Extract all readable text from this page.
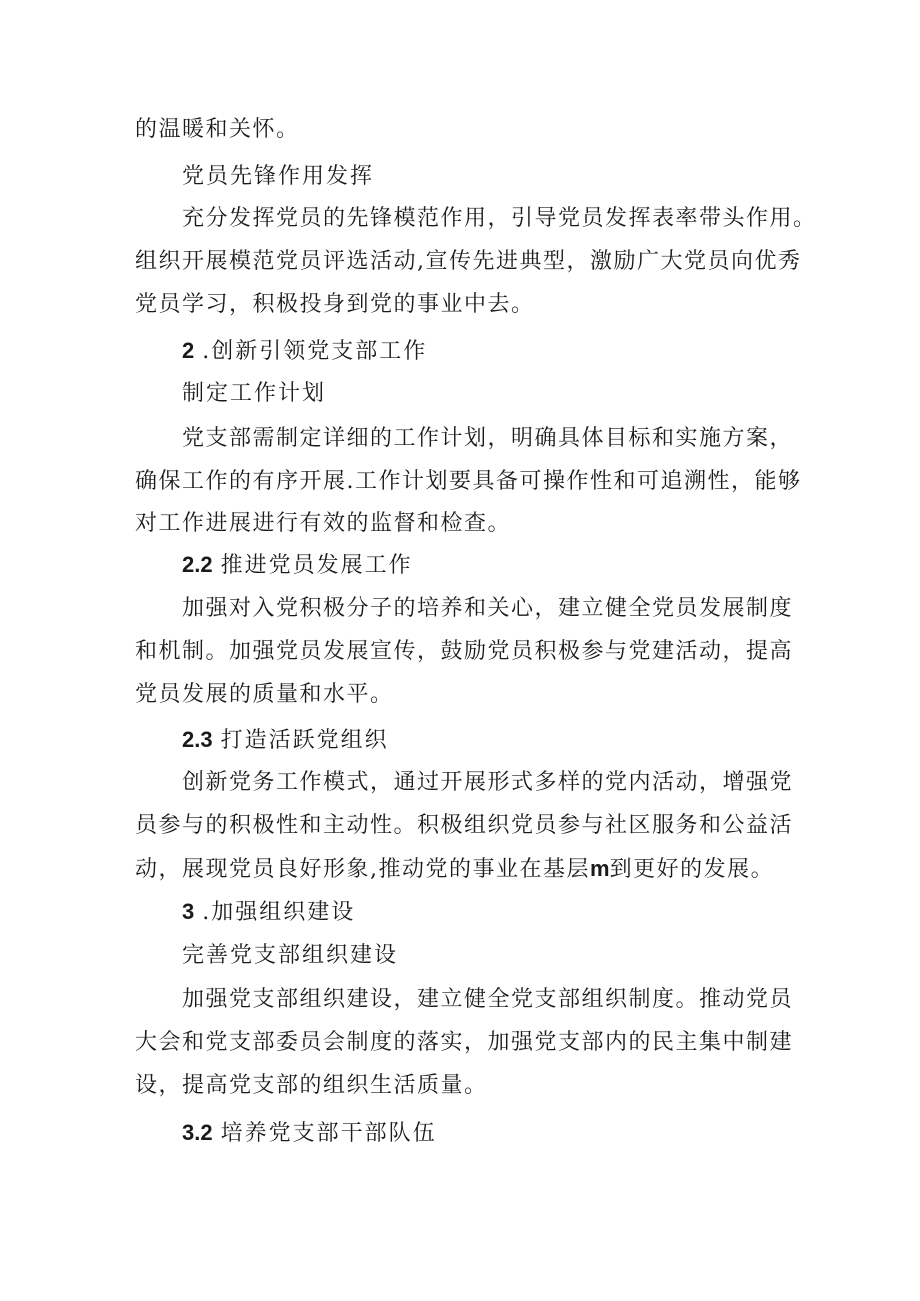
的温暖和关怀。
党员先锋作用发挥
充分发挥党员的先锋模范作用，引导党员发挥表率带头作用。
组织开展模范党员评选活动,宣传先进典型，激励广大党员向优秀
党员学习，积极投身到党的事业中去。
2 .创新引领党支部工作
制定工作计划
党支部需制定详细的工作计划，明确具体目标和实施方案，
确保工作的有序开展.工作计划要具备可操作性和可追溯性，能够
对工作进展进行有效的监督和检查。
2.2 推进党员发展工作
加强对入党积极分子的培养和关心，建立健全党员发展制度
和机制。加强党员发展宣传，鼓励党员积极参与党建活动，提高
党员发展的质量和水平。
2.3 打造活跃党组织
创新党务工作模式，通过开展形式多样的党内活动，增强党
员参与的积极性和主动性。积极组织党员参与社区服务和公益活
动，展现党员良好形象,推动党的事业在基层m到更好的发展。
3 .加强组织建设
完善党支部组织建设
加强党支部组织建设，建立健全党支部组织制度。推动党员
大会和党支部委员会制度的落实，加强党支部内的民主集中制建
设，提高党支部的组织生活质量。
3.2 培养党支部干部队伍
